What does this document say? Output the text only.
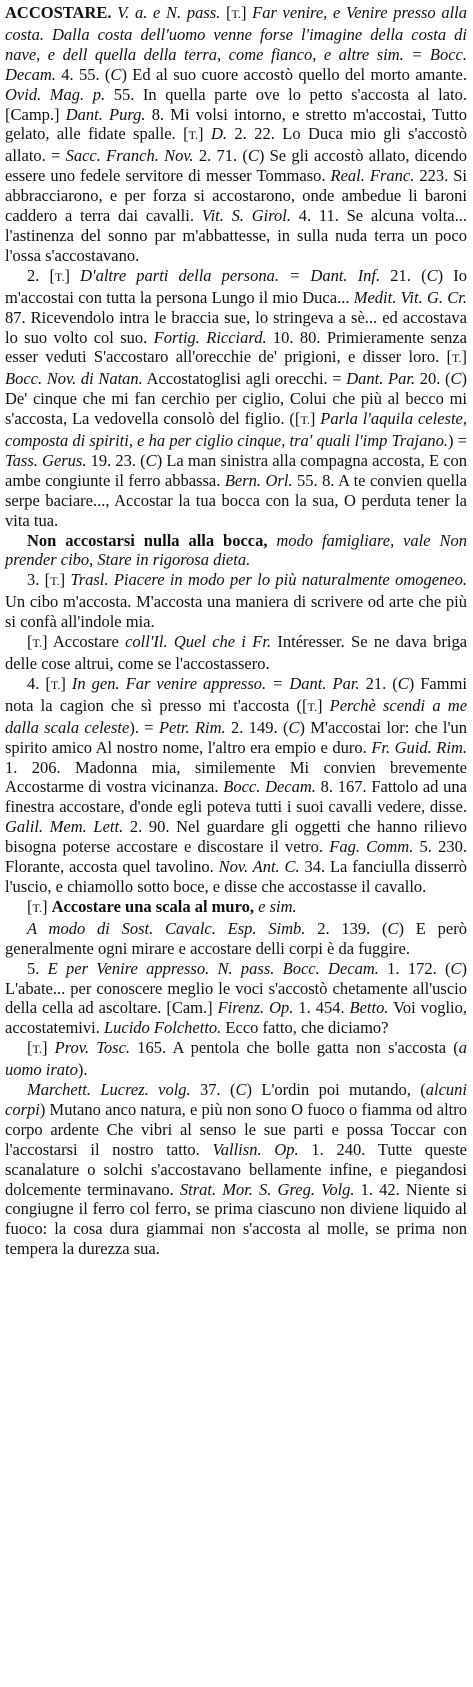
ACCOSTARE. V. a. e N. pass. [T.] Far venire, e Venire presso alla costa. Dalla costa dell'uomo venne forse l'imagine della costa di nave, e dell quella della terra, come fianco, e altre sim. = Bocc. Decam. 4. 55. (C) Ed al suo cuore accostò quello del morto amante. Ovid. Mag. p. 55. In quella parte ove lo petto s'accosta al lato. [Camp.] Dant. Purg. 8. Mi volsi intorno, e stretto m'accostai, Tutto gelato, alle fidate spalle. [T.] D. 2. 22. Lo Duca mio gli s'accostò allato. = Sacc. Franch. Nov. 2. 71. (C) Se gli accostò allato, dicendo essere uno fedele servitore di messer Tommaso. Real. Franc. 223. Si abbracciarono, e per forza si accostarono, onde ambedue li baroni caddero a terra dai cavalli. Vit. S. Girol. 4. 11. Se alcuna volta... l'astinenza del sonno par m'abbattesse, in sulla nuda terra un poco l'ossa s'accostavano.

2. [T.] D'altre parti della persona. = Dant. Inf. 21. (C) Io m'accostai con tutta la persona Lungo il mio Duca... Medit. Vit. G. Cr. 87. Ricevendolo intra le braccia sue, lo stringeva a sè... ed accostava lo suo volto col suo. Fortig. Ricciard. 10. 80. Primieramente senza esser veduti S'accostaro all'orecchie de' prigioni, e disser loro. [T.] Bocc. Nov. di Natan. Accostatoglisi agli orecchi. = Dant. Par. 20. (C) De' cinque che mi fan cerchio per ciglio, Colui che più al becco mi s'accosta, La vedovella consolò del figlio. ([T.] Parla l'aquila celeste, composta di spiriti, e ha per ciglio cinque, tra' quali l'imp Trajano.) = Tass. Gerus. 19. 23. (C) La man sinistra alla compagna accosta, E con ambe congiunte il ferro abbassa. Bern. Orl. 55. 8. A te convien quella serpe baciare..., Accostar la tua bocca con la sua, O perduta tener la vita tua.

Non accostarsi nulla alla bocca, modo famigliare, vale Non prender cibo, Stare in rigorosa dieta.

3. [T.] Trasl. Piacere in modo per lo più naturalmente omogeneo. Un cibo m'accosta. M'accosta una maniera di scrivere od arte che più si confà all'indole mia.

[T.] Accostare coll'Il. Quel che i Fr. Intéresser. Se ne dava briga delle cose altrui, come se l'accostassero.

4. [T.] In gen. Far venire appresso. = Dant. Par. 21. (C) Fammi nota la cagion che sì presso mi t'accosta ([T.] Perchè scendi a me dalla scala celeste). = Petr. Rim. 2. 149. (C) M'accostai lor: che l'un spirito amico Al nostro nome, l'altro era empio e duro. Fr. Guid. Rim. 1. 206. Madonna mia, similemente Mi convien brevemente Accostarme di vostra vicinanza. Bocc. Decam. 8. 167. Fattolo ad una finestra accostare, d'onde egli poteva tutti i suoi cavalli vedere, disse. Galil. Mem. Lett. 2. 90. Nel guardare gli oggetti che hanno rilievo bisogna poterse accostare e discostare il vetro. Fag. Comm. 5. 230. Florante, accosta quel tavolino. Nov. Ant. C. 34. La fanciulla disserrò l'uscio, e chiamollo sotto boce, e disse che accostasse il cavallo.

[T.] Accostare una scala al muro, e sim.

A modo di Sost. Cavalc. Esp. Simb. 2. 139. (C) E però generalmente ogni mirare e accostare delli corpi è da fuggire.

5. E per Venire appresso. N. pass. Bocc. Decam. 1. 172. (C) L'abate... per conoscere meglio le voci s'accostò chetamente all'uscio della cella ad ascoltare. [Cam.] Firenz. Op. 1. 454. Betto. Voi voglio, accostatemivi. Lucido Folchetto. Ecco fatto, che diciamo?

[T.] Prov. Tosc. 165. A pentola che bolle gatta non s'accosta (a uomo irato).

Marchett. Lucrez. volg. 37. (C) L'ordin poi mutando, (alcuni corpi) Mutano anco natura, e più non sono O fuoco o fiamma od altro corpo ardente Che vibri al senso le sue parti e possa Toccar con l'accostarsi il nostro tatto. Vallisn. Op. 1. 240. Tutte queste scanalature o solchi s'accostavano bellamente infine, e piegandosi dolcemente terminavano. Strat. Mor. S. Greg. Volg. 1. 42. Niente si congiugne il ferro col ferro, se prima ciascuno non diviene liquido al fuoco: la cosa dura giammai non s'accosta al molle, se prima non tempera la durezza sua.
